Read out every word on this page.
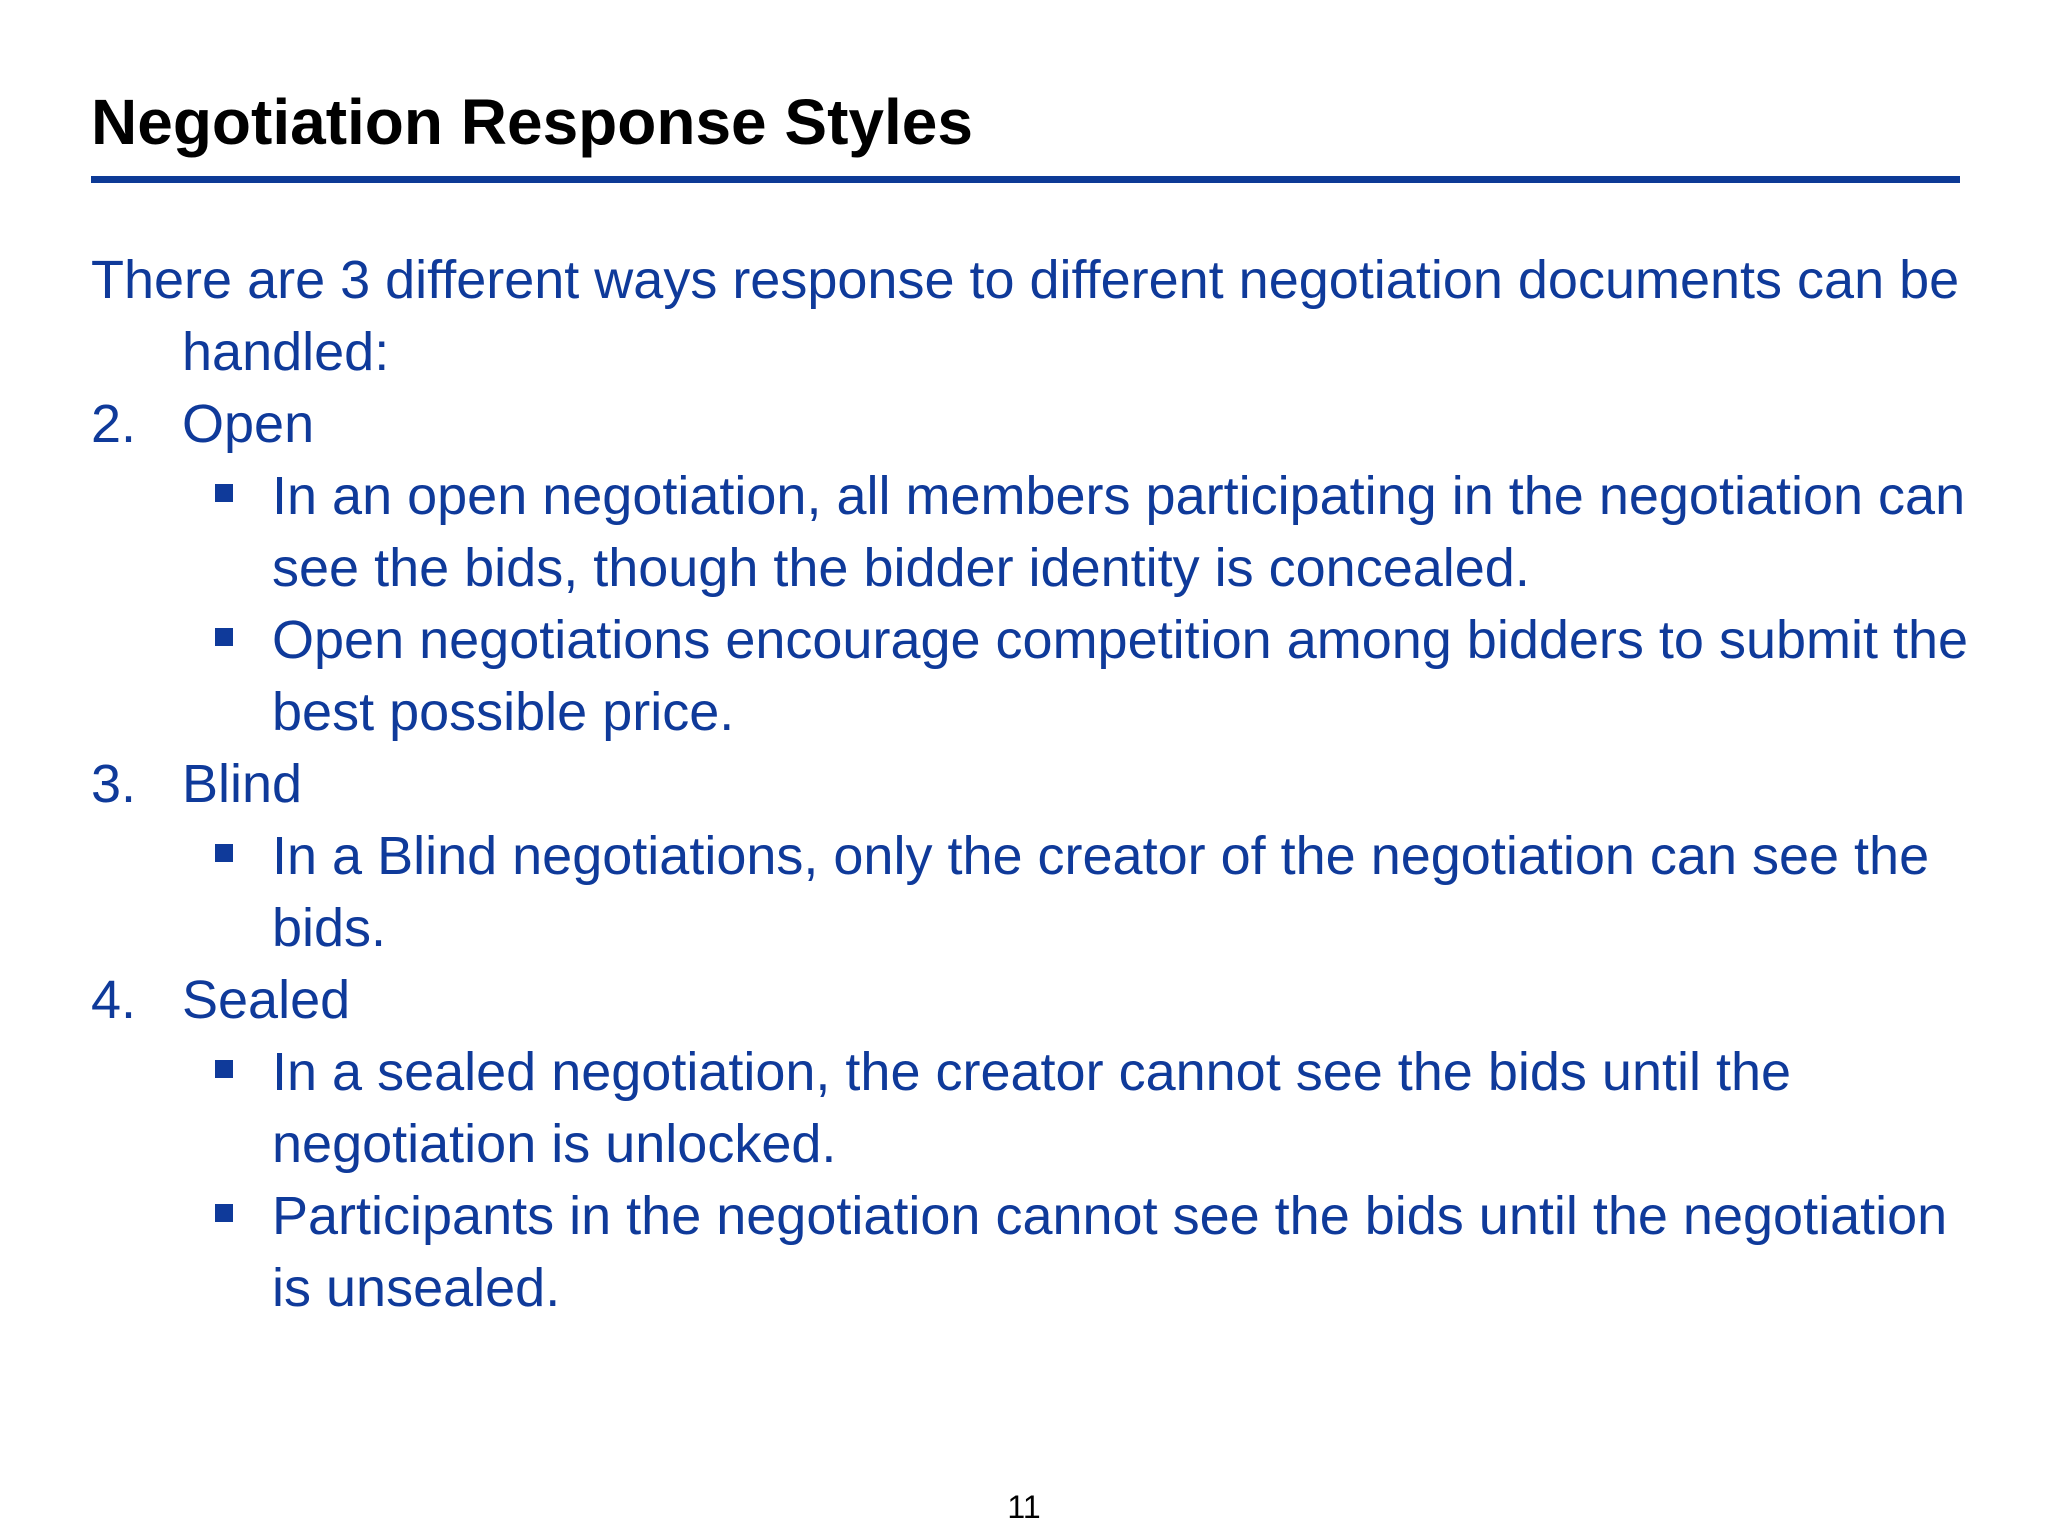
Negotiation Response Styles

There are 3 different ways response to different negotiation documents can be handled:

2. Open

In an open negotiation, all members participating in the negotiation can see the bids, though the bidder identity is concealed.

Open negotiations encourage competition among bidders to submit the best possible price.

3. Blind

In a Blind negotiations, only the creator of the negotiation can see the bids.

4. Sealed

In a sealed negotiation, the creator cannot see the bids until the negotiation is unlocked.

Participants in the negotiation cannot see the bids until the negotiation is unsealed.

11
